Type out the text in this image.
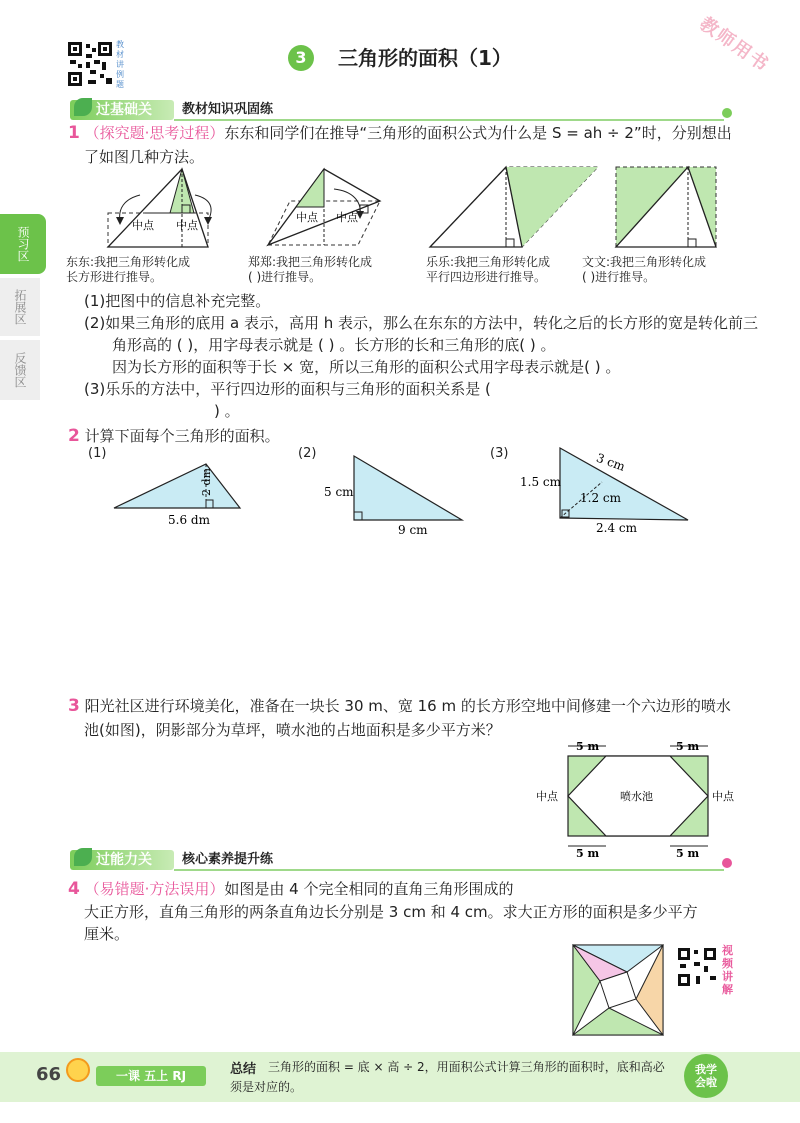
教材讲例题
3	三角形的面积（1）	教师用书
过基础关	教材知识巩固练
预习区
拓展区
反馈区
1 （探究题·思考过程）东东和同学们在推导“三角形的面积公式为什么是 S = ah ÷ 2”时，分别想出
了如图几种方法。
中点 中点
中点 中点
东东:我把三角形转化成
长方形进行推导。
郑郑:我把三角形转化成
( )进行推导。
乐乐:我把三角形转化成
平行四边形进行推导。
文文:我把三角形转化成
( )进行推导。
(1)把图中的信息补充完整。
(2)如果三角形的底用 a 表示，高用 h 表示，那么在东东的方法中，转化之后的长方形的宽是转化前三
角形高的 ( )，用字母表示就是 ( ) 。长方形的长和三角形的底( ) 。
因为长方形的面积等于长 × 宽，所以三角形的面积公式用字母表示就是( ) 。
(3)乐乐的方法中，平行四边形的面积与三角形的面积关系是 (
) 。
2 计算下面每个三角形的面积。
(1)	(2)	(3)
2 dm
5.6 dm
5 cm
9 cm
1.5 cm
3 cm
1.2 cm
2.4 cm
3 阳光社区进行环境美化，准备在一块长 30 m、宽 16 m 的长方形空地中间修建一个六边形的喷水
池(如图)，阴影部分为草坪，喷水池的占地面积是多少平方米？
5 m	5 m
5 m	5 m
中点	中点
喷水池
过能力关	核心素养提升练
4 （易错题·方法误用）如图是由 4 个完全相同的直角三角形围成的
大正方形，直角三角形的两条直角边长分别是 3 cm 和 4 cm。求大正方形的面积是多少平方
厘米。
视频讲解
66	一课 五上 RJ	总结 三角形的面积 = 底 × 高 ÷ 2，用面积公式计算三角形的面积时，底和高必
须是对应的。
我学会啦
